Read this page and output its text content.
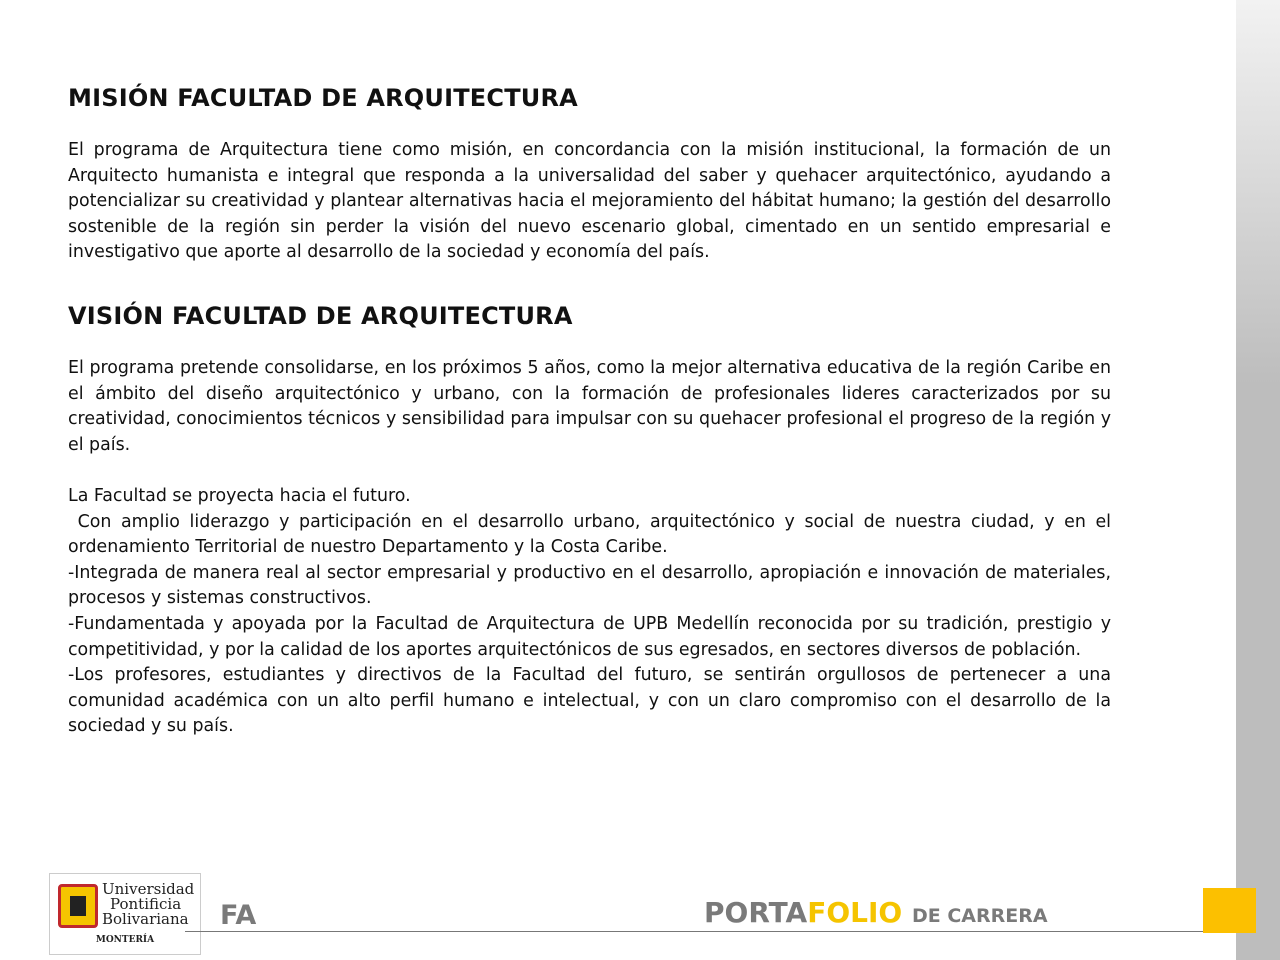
MISIÓN FACULTAD DE ARQUITECTURA

El programa de Arquitectura tiene como misión, en concordancia con la misión institucional, la formación de un Arquitecto humanista e integral que responda a la universalidad del saber y quehacer arquitectónico, ayudando a potencializar su creatividad y plantear alternativas hacia el mejoramiento del hábitat humano; la gestión del desarrollo sostenible de la región sin perder la visión del nuevo escenario global, cimentado en un sentido empresarial e investigativo que aporte al desarrollo de la sociedad y economía del país.

VISIÓN FACULTAD DE ARQUITECTURA

El programa pretende consolidarse, en los próximos 5 años, como la mejor alternativa educativa de la región Caribe en el ámbito del diseño arquitectónico y urbano, con la formación de profesionales lideres caracterizados por su creatividad, conocimientos técnicos y sensibilidad para impulsar con su quehacer profesional el progreso de la región y el país.

La Facultad se proyecta hacia el futuro.

Con amplio liderazgo y participación en el desarrollo urbano, arquitectónico y social de nuestra ciudad, y en el ordenamiento Territorial de nuestro Departamento y la Costa Caribe.

-Integrada de manera real al sector empresarial y productivo en el desarrollo, apropiación e innovación de materiales, procesos y sistemas constructivos.

-Fundamentada y apoyada por la Facultad de Arquitectura de UPB Medellín reconocida por su tradición, prestigio y competitividad, y por la calidad de los aportes arquitectónicos de sus egresados, en sectores diversos de población.

-Los profesores, estudiantes y directivos de la Facultad del futuro, se sentirán orgullosos de pertenecer a una comunidad académica con un alto perfil humano e intelectual, y con un claro compromiso con el desarrollo de la sociedad y su país.

Universidad
Pontificia
Bolivariana
MONTERÍA
FA	PORTAFOLIO DE CARRERA
